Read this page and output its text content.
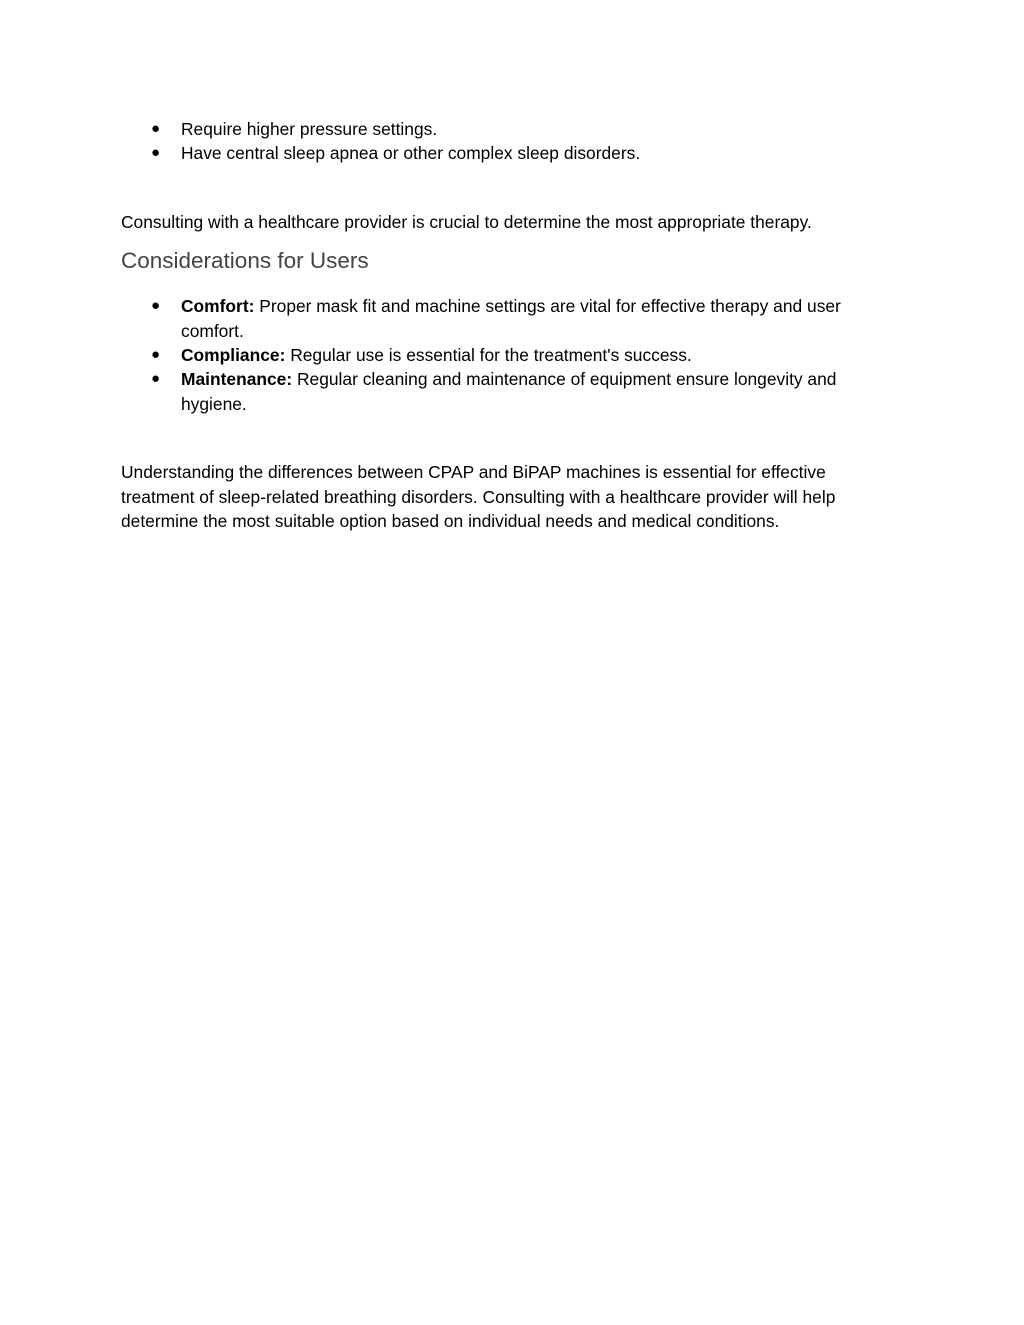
● Require higher pressure settings.
● Have central sleep apnea or other complex sleep disorders.

Consulting with a healthcare provider is crucial to determine the most appropriate therapy.

Considerations for Users
● Comfort: Proper mask fit and machine settings are vital for effective therapy and user comfort.
● Compliance: Regular use is essential for the treatment's success.
● Maintenance: Regular cleaning and maintenance of equipment ensure longevity and hygiene.

Understanding the differences between CPAP and BiPAP machines is essential for effective treatment of sleep-related breathing disorders. Consulting with a healthcare provider will help determine the most suitable option based on individual needs and medical conditions.
